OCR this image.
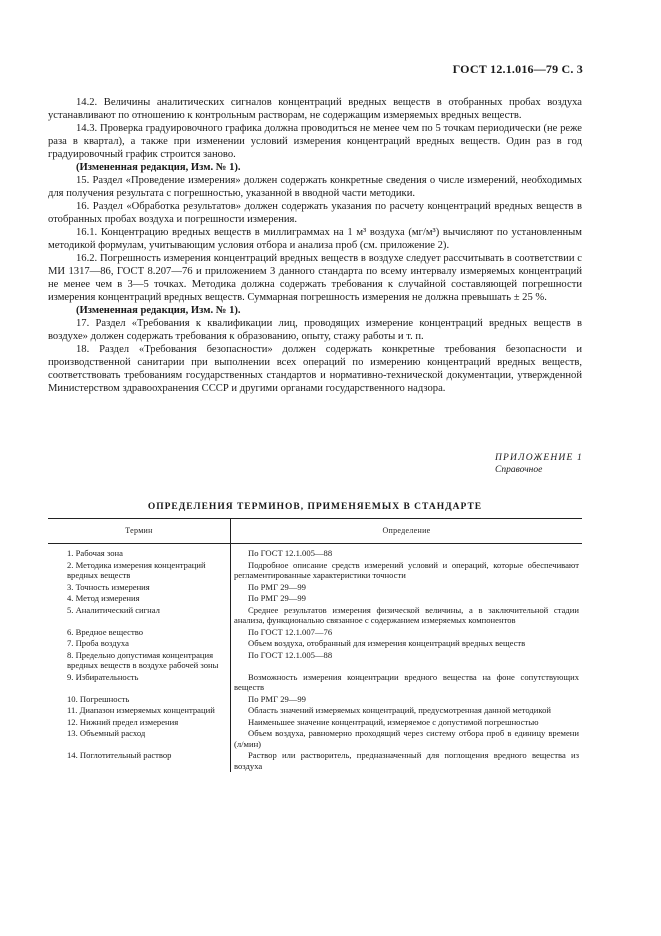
ГОСТ 12.1.016—79 С. 3

14.2. Величины аналитических сигналов концентраций вредных веществ в отобранных пробах воздуха устанавливают по отношению к контрольным растворам, не содержащим измеряемых вредных веществ.

14.3. Проверка градуировочного графика должна проводиться не менее чем по 5 точкам периодически (не реже раза в квартал), а также при изменении условий измерения концентраций вредных веществ. Один раз в год градуировочный график строится заново.

(Измененная редакция, Изм. № 1).

15. Раздел «Проведение измерения» должен содержать конкретные сведения о числе измерений, необходимых для получения результата с погрешностью, указанной в вводной части методики.

16. Раздел «Обработка результатов» должен содержать указания по расчету концентраций вредных веществ в отобранных пробах воздуха и погрешности измерения.

16.1. Концентрацию вредных веществ в миллиграммах на 1 м³ воздуха (мг/м³) вычисляют по установленным методикой формулам, учитывающим условия отбора и анализа проб (см. приложение 2).

16.2. Погрешность измерения концентраций вредных веществ в воздухе следует рассчитывать в соответствии с МИ 1317—86, ГОСТ 8.207—76 и приложением 3 данного стандарта по всему интервалу измеряемых концентраций не менее чем в 3—5 точках. Методика должна содержать требования к случайной составляющей погрешности измерения концентраций вредных веществ. Суммарная погрешность измерения не должна превышать ± 25 %.

(Измененная редакция, Изм. № 1).

17. Раздел «Требования к квалификации лиц, проводящих измерение концентраций вредных веществ в воздухе» должен содержать требования к образованию, опыту, стажу работы и т. п.

18. Раздел «Требования безопасности» должен содержать конкретные требования безопасности и производственной санитарии при выполнении всех операций по измерению концентраций вредных веществ, соответствовать требованиям государственных стандартов и нормативно-технической документации, утвержденной Министерством здравоохранения СССР и другими органами государственного надзора.

ПРИЛОЖЕНИЕ 1
Справочное
ОПРЕДЕЛЕНИЯ ТЕРМИНОВ, ПРИМЕНЯЕМЫХ В СТАНДАРТЕ
Термин	Определение
1. Рабочая зона	По ГОСТ 12.1.005—88

2. Методика измерения концентраций вредных веществ	Подробное описание средств измерений условий и операций, которые обеспечивают регламентированные характеристики точности

3. Точность измерения	По РМГ 29—99

4. Метод измерения	По РМГ 29—99

5. Аналитический сигнал	Среднее результатов измерения физической величины, а в заключительной стадии анализа, функционально связанное с содержанием измеряемых компонентов

6. Вредное вещество	По ГОСТ 12.1.007—76

7. Проба воздуха	Объем воздуха, отобранный для измерения концентраций вредных веществ

8. Предельно допустимая концентрация вредных веществ в воздухе рабочей зоны	По ГОСТ 12.1.005—88

9. Избирательность	Возможность измерения концентрации вредного вещества на фоне сопутствующих веществ

10. Погрешность	По РМГ 29—99

11. Диапазон измеряемых концентраций	Область значений измеряемых концентраций, предусмотренная данной методикой

12. Нижний предел измерения	Наименьшее значение концентраций, измеряемое с допустимой погрешностью

13. Объемный расход	Объем воздуха, равномерно проходящий через систему отбора проб в единицу времени (л/мин)

14. Поглотительный раствор	Раствор или растворитель, предназначенный для поглощения вредного вещества из воздуха
